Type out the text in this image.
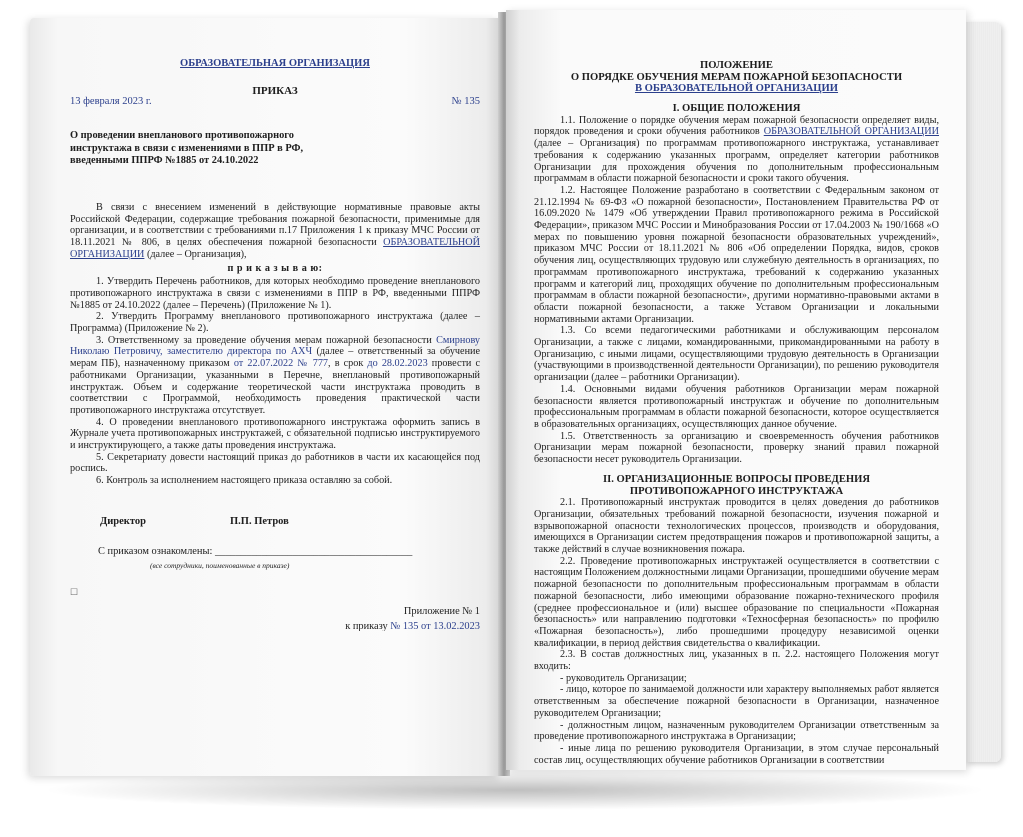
ОБРАЗОВАТЕЛЬНАЯ ОРГАНИЗАЦИЯ
ПРИКАЗ
13 февраля 2023 г.	№ 135
О проведении внепланового противопожарного
инструктажа в связи с изменениями в ППР в РФ,
введенными ППРФ №1885 от 24.10.2022

В связи с внесением изменений в действующие нормативные правовые акты Российской Федерации, содержащие требования пожарной безопасности, применимые для организации, и в соответствии с требованиями п.17 Приложения 1 к приказу МЧС России от 18.11.2021 № 806, в целях обеспечения пожарной безопасности ОБРАЗОВАТЕЛЬНОЙ ОРГАНИЗАЦИИ (далее – Организация),

п р и к а з ы в а ю:

1. Утвердить Перечень работников, для которых необходимо проведение внепланового противопожарного инструктажа в связи с изменениями в ППР в РФ, введенными ППРФ №1885 от 24.10.2022 (далее – Перечень) (Приложение № 1).

2. Утвердить Программу внепланового противопожарного инструктажа (далее – Программа) (Приложение № 2).

3. Ответственному за проведение обучения мерам пожарной безопасности Смирнову Николаю Петровичу, заместителю директора по АХЧ (далее – ответственный за обучение мерам ПБ), назначенному приказом от 22.07.2022 № 777, в срок до 28.02.2023 провести с работниками Организации, указанными в Перечне, внеплановый противопожарный инструктаж. Объем и содержание теоретической части инструктажа проводить в соответствии с Программой, необходимость проведения практической части противопожарного инструктажа отсутствует.

4. О проведении внепланового противопожарного инструктажа оформить запись в Журнале учета противопожарных инструктажей, с обязательной подписью инструктируемого и инструктирующего, а также даты проведения инструктажа.

5. Секретариату довести настоящий приказ до работников в части их касающейся под роспись.

6. Контроль за исполнением настоящего приказа оставляю за собой.

Директор	П.П. Петров
С приказом ознакомлены: ______________________________________
(все сотрудники, поименованные в приказе)
☐
Приложение № 1
к приказу № 135 от 13.02.2023
ПОЛОЖЕНИЕ
О ПОРЯДКЕ ОБУЧЕНИЯ МЕРАМ ПОЖАРНОЙ БЕЗОПАСНОСТИ
В ОБРАЗОВАТЕЛЬНОЙ ОРГАНИЗАЦИИ

I. ОБЩИЕ ПОЛОЖЕНИЯ

1.1. Положение о порядке обучения мерам пожарной безопасности определяет виды, порядок проведения и сроки обучения работников ОБРАЗОВАТЕЛЬНОЙ ОРГАНИЗАЦИИ (далее – Организация) по программам противопожарного инструктажа, устанавливает требования к содержанию указанных программ, определяет категории работников Организации для прохождения обучения по дополнительным профессиональным программам в области пожарной безопасности и сроки такого обучения.

1.2. Настоящее Положение разработано в соответствии с Федеральным законом от 21.12.1994 № 69-ФЗ «О пожарной безопасности», Постановлением Правительства РФ от 16.09.2020 № 1479 «Об утверждении Правил противопожарного режима в Российской Федерации», приказом МЧС России и Минобразования России от 17.04.2003 № 190/1668 «О мерах по повышению уровня пожарной безопасности образовательных учреждений», приказом МЧС России от 18.11.2021 № 806 «Об определении Порядка, видов, сроков обучения лиц, осуществляющих трудовую или служебную деятельность в организациях, по программам противопожарного инструктажа, требований к содержанию указанных программ и категорий лиц, проходящих обучение по дополнительным профессиональным программам в области пожарной безопасности», другими нормативно-правовыми актами в области пожарной безопасности, а также Уставом Организации и локальными нормативными актами Организации.

1.3. Со всеми педагогическими работниками и обслуживающим персоналом Организации, а также с лицами, командированными, прикомандированными на работу в Организацию, с иными лицами, осуществляющими трудовую деятельность в Организации (участвующими в производственной деятельности Организации), по решению руководителя организации (далее – работники Организации).

1.4. Основными видами обучения работников Организации мерам пожарной безопасности является противопожарный инструктаж и обучение по дополнительным профессиональным программам в области пожарной безопасности, которое осуществляется в образовательных организациях, осуществляющих данное обучение.

1.5. Ответственность за организацию и своевременность обучения работников Организации мерам пожарной безопасности, проверку знаний правил пожарной безопасности несет руководитель Организации.

II. ОРГАНИЗАЦИОННЫЕ ВОПРОСЫ ПРОВЕДЕНИЯ

ПРОТИВОПОЖАРНОГО ИНСТРУКТАЖА

2.1. Противопожарный инструктаж проводится в целях доведения до работников Организации, обязательных требований пожарной безопасности, изучения пожарной и взрывопожарной опасности технологических процессов, производств и оборудования, имеющихся в Организации систем предотвращения пожаров и противопожарной защиты, а также действий в случае возникновения пожара.

2.2. Проведение противопожарных инструктажей осуществляется в соответствии с настоящим Положением должностными лицами Организации, прошедшими обучение мерам пожарной безопасности по дополнительным профессиональным программам в области пожарной безопасности, либо имеющими образование пожарно-технического профиля (среднее профессиональное и (или) высшее образование по специальности «Пожарная безопасность» или направлению подготовки «Техносферная безопасность» по профилю «Пожарная безопасность»), либо прошедшими процедуру независимой оценки квалификации, в период действия свидетельства о квалификации.

2.3. В состав должностных лиц, указанных в п. 2.2. настоящего Положения могут входить:

- руководитель Организации;

- лицо, которое по занимаемой должности или характеру выполняемых работ является ответственным за обеспечение пожарной безопасности в Организации, назначенное руководителем Организации;

- должностным лицом, назначенным руководителем Организации ответственным за проведение противопожарного инструктажа в Организации;

- иные лица по решению руководителя Организации, в этом случае персональный состав лиц, осуществляющих обучение работников Организации в соответствии
